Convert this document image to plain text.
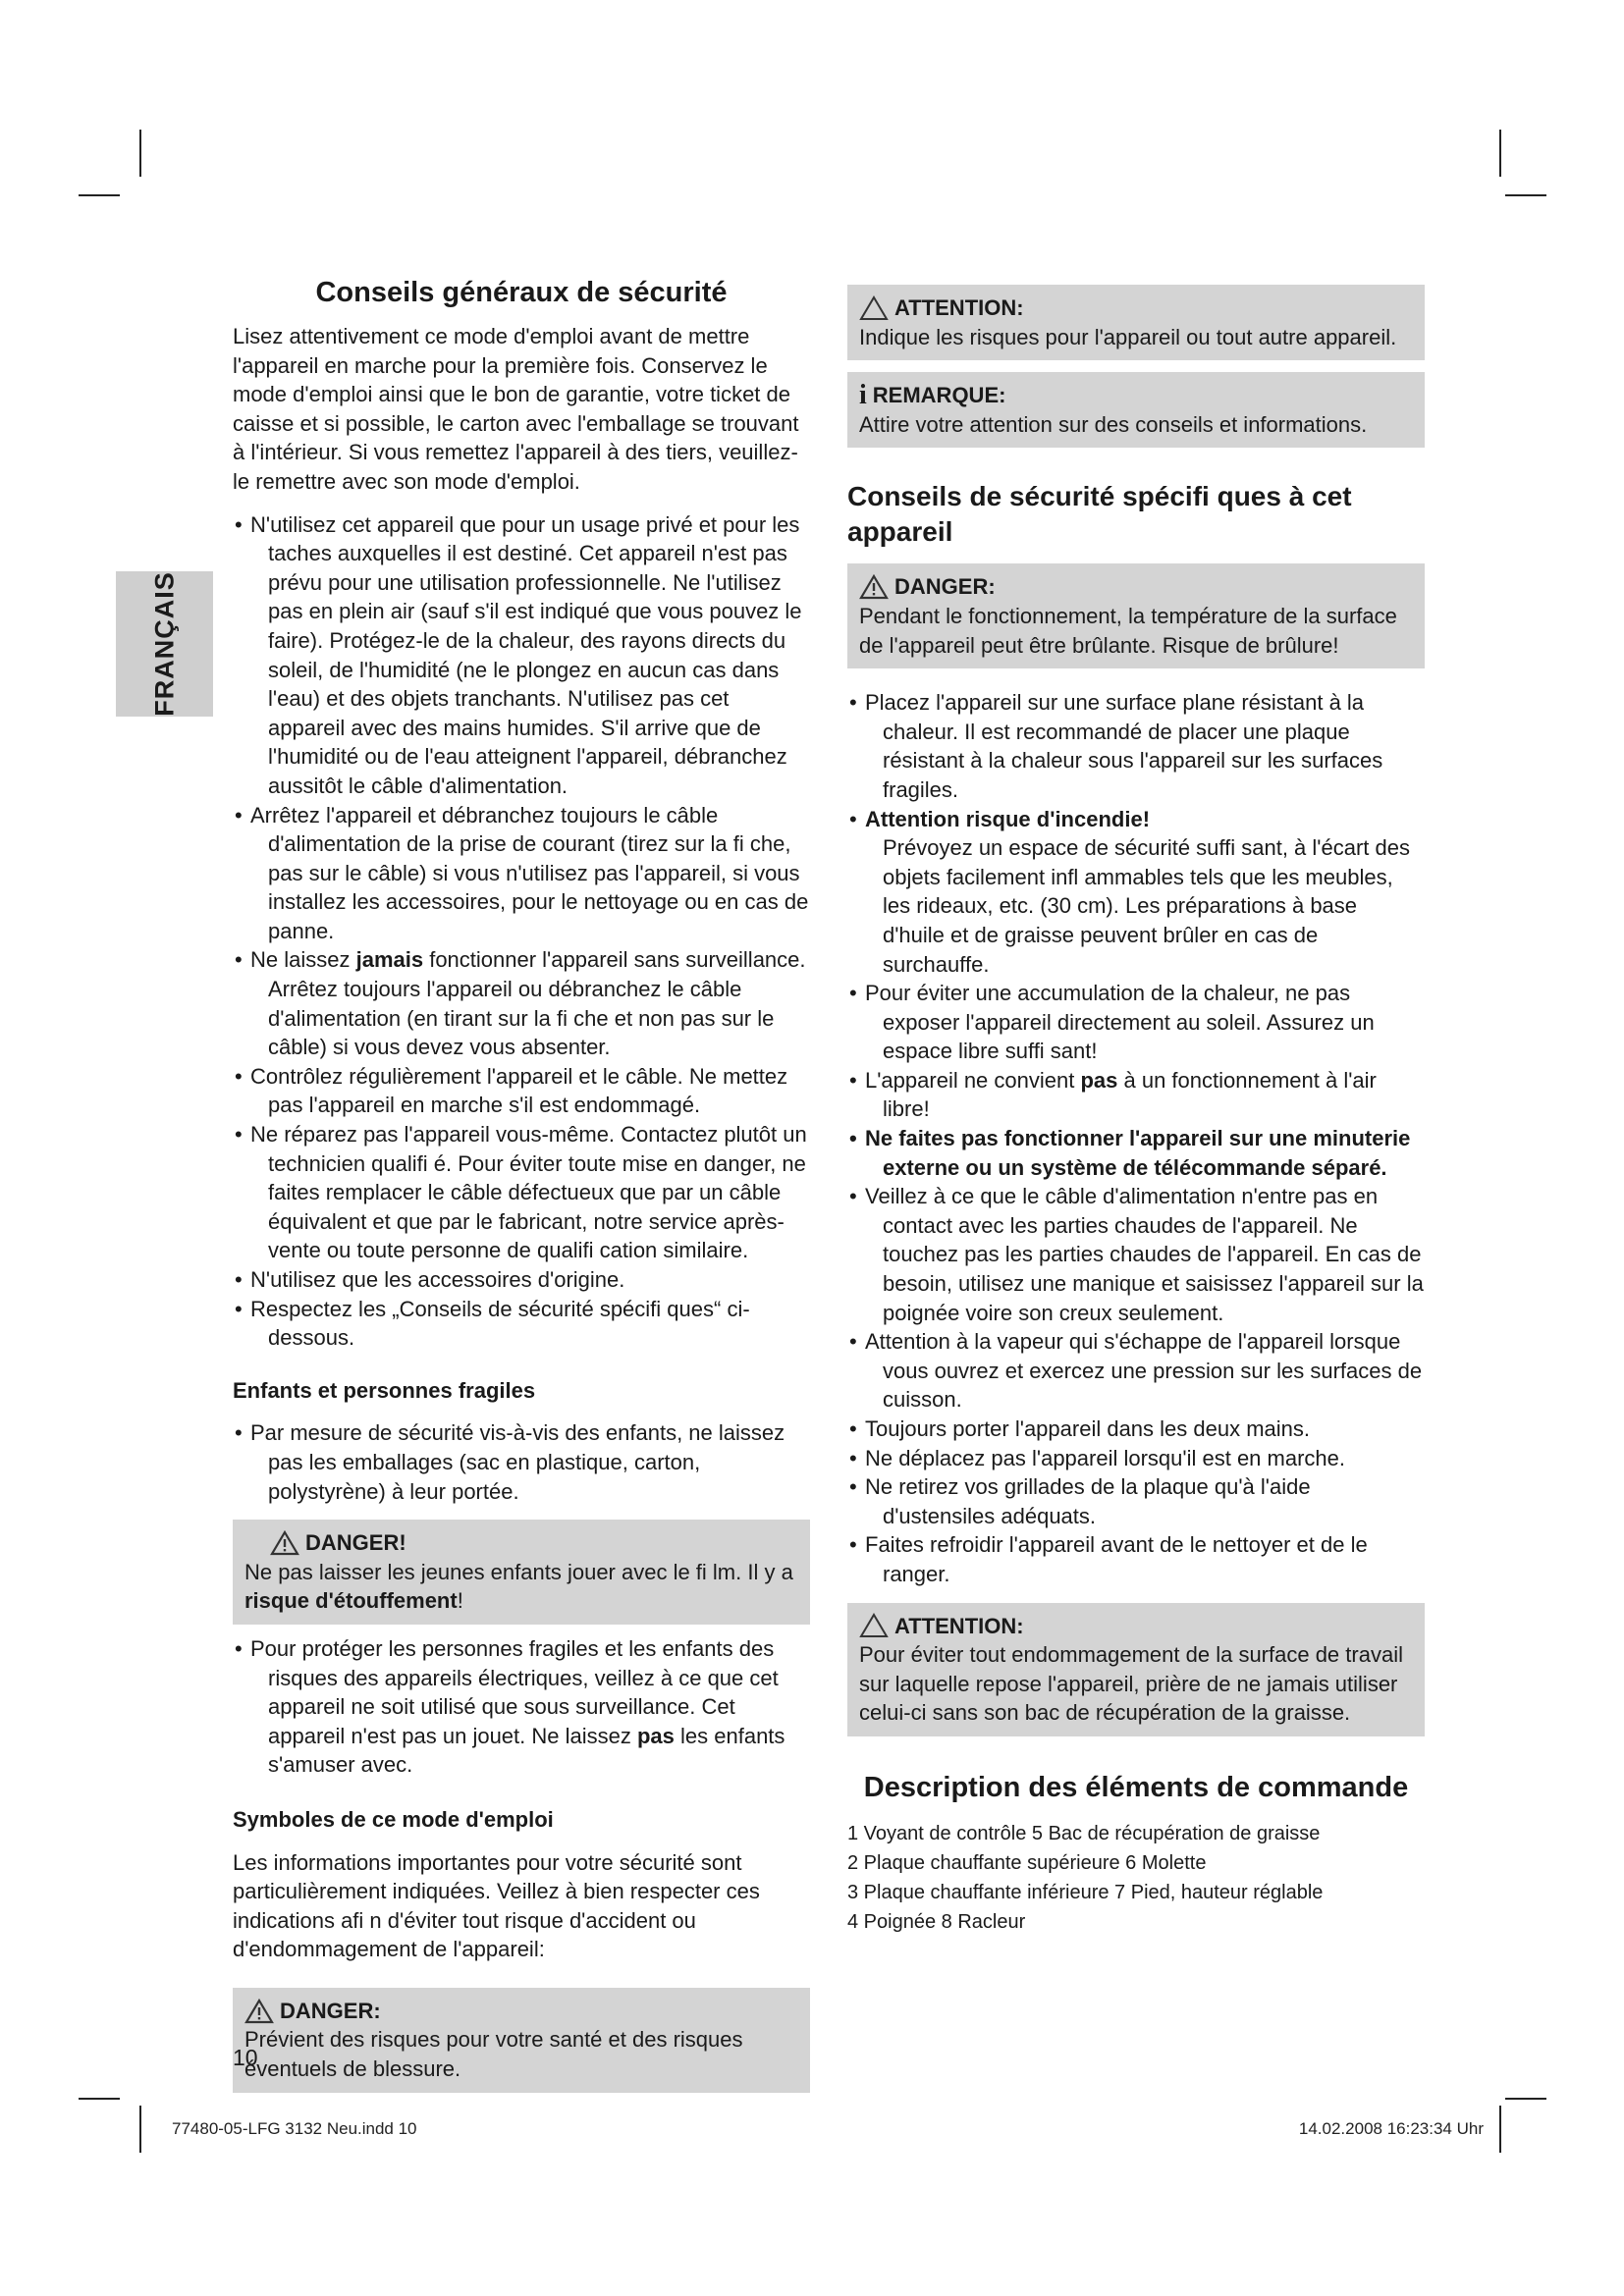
FRANÇAIS
Conseils généraux de sécurité

Lisez attentivement ce mode d'emploi avant de mettre l'appareil en marche pour la première fois. Conservez le mode d'emploi ainsi que le bon de garantie, votre ticket de caisse et si possible, le carton avec l'emballage se trouvant à l'intérieur. Si vous remettez l'appareil à des tiers, veuillez-le remettre avec son mode d'emploi.

• N'utilisez cet appareil que pour un usage privé et pour les taches auxquelles il est destiné. Cet appareil n'est pas prévu pour une utilisation professionnelle. Ne l'utilisez pas en plein air (sauf s'il est indiqué que vous pouvez le faire). Protégez-le de la chaleur, des rayons directs du soleil, de l'humidité (ne le plongez en aucun cas dans l'eau) et des objets tranchants. N'utilisez pas cet appareil avec des mains humides. S'il arrive que de l'humidité ou de l'eau atteignent l'appareil, débranchez aussitôt le câble d'alimentation.
• Arrêtez l'appareil et débranchez toujours le câble d'alimentation de la prise de courant (tirez sur la fi che, pas sur le câble) si vous n'utilisez pas l'appareil, si vous installez les accessoires, pour le nettoyage ou en cas de panne.
• Ne laissez jamais fonctionner l'appareil sans surveillance. Arrêtez toujours l'appareil ou débranchez le câble d'alimentation (en tirant sur la fi che et non pas sur le câble) si vous devez vous absenter.
• Contrôlez régulièrement l'appareil et le câble. Ne mettez pas l'appareil en marche s'il est endommagé.
• Ne réparez pas l'appareil vous-même. Contactez plutôt un technicien qualifi é. Pour éviter toute mise en danger, ne faites remplacer le câble défectueux que par un câble équivalent et que par le fabricant, notre service après-vente ou toute personne de qualifi cation similaire.
• N'utilisez que les accessoires d'origine.
• Respectez les „Conseils de sécurité spécifi ques“ ci-dessous.

Enfants et personnes fragiles

• Par mesure de sécurité vis-à-vis des enfants, ne laissez pas les emballages (sac en plastique, carton, polystyrène) à leur portée.
DANGER!

Ne pas laisser les jeunes enfants jouer avec le fi lm. Il y a risque d'étouffement!

• Pour protéger les personnes fragiles et les enfants des risques des appareils électriques, veillez à ce que cet appareil ne soit utilisé que sous surveillance. Cet appareil n'est pas un jouet. Ne laissez pas les enfants s'amuser avec.

Symboles de ce mode d'emploi

Les informations importantes pour votre sécurité sont particulièrement indiquées. Veillez à bien respecter ces indications afi n d'éviter tout risque d'accident ou d'endommagement de l'appareil:

DANGER:

Prévient des risques pour votre santé et des risques éventuels de blessure.

ATTENTION:

Indique les risques pour l'appareil ou tout autre appareil.

i REMARQUE:

Attire votre attention sur des conseils et informations.

Conseils de sécurité spécifi ques à cet appareil
DANGER:

Pendant le fonctionnement, la température de la surface de l'appareil peut être brûlante. Risque de brûlure!

• Placez l'appareil sur une surface plane résistant à la chaleur. Il est recommandé de placer une plaque résistant à la chaleur sous l'appareil sur les surfaces fragiles.
• Attention risque d'incendie!
Prévoyez un espace de sécurité suffi sant, à l'écart des objets facilement infl ammables tels que les meubles, les rideaux, etc. (30 cm). Les préparations à base d'huile et de graisse peuvent brûler en cas de surchauffe.
• Pour éviter une accumulation de la chaleur, ne pas exposer l'appareil directement au soleil. Assurez un espace libre suffi sant!
• L'appareil ne convient pas à un fonctionnement à l'air libre!
• Ne faites pas fonctionner l'appareil sur une minuterie externe ou un système de télécommande séparé.
• Veillez à ce que le câble d'alimentation n'entre pas en contact avec les parties chaudes de l'appareil. Ne touchez pas les parties chaudes de l'appareil. En cas de besoin, utilisez une manique et saisissez l'appareil sur la poignée voire son creux seulement.
• Attention à la vapeur qui s'échappe de l'appareil lorsque vous ouvrez et exercez une pression sur les surfaces de cuisson.
• Toujours porter l'appareil dans les deux mains.
• Ne déplacez pas l'appareil lorsqu'il est en marche.
• Ne retirez vos grillades de la plaque qu'à l'aide d'ustensiles adéquats.
• Faites refroidir l'appareil avant de le nettoyer et de le ranger.
ATTENTION:

Pour éviter tout endommagement de la surface de travail sur laquelle repose l'appareil, prière de ne jamais utiliser celui-ci sans son bac de récupération de la graisse.

Description des éléments de commande

1 Voyant de contrôle 5 Bac de récupération de graisse

2 Plaque chauffante supérieure 6 Molette

3 Plaque chauffante inférieure 7 Pied, hauteur réglable

4 Poignée 8 Racleur

10
77480-05-LFG 3132 Neu.indd 10	14.02.2008 16:23:34 Uhr
